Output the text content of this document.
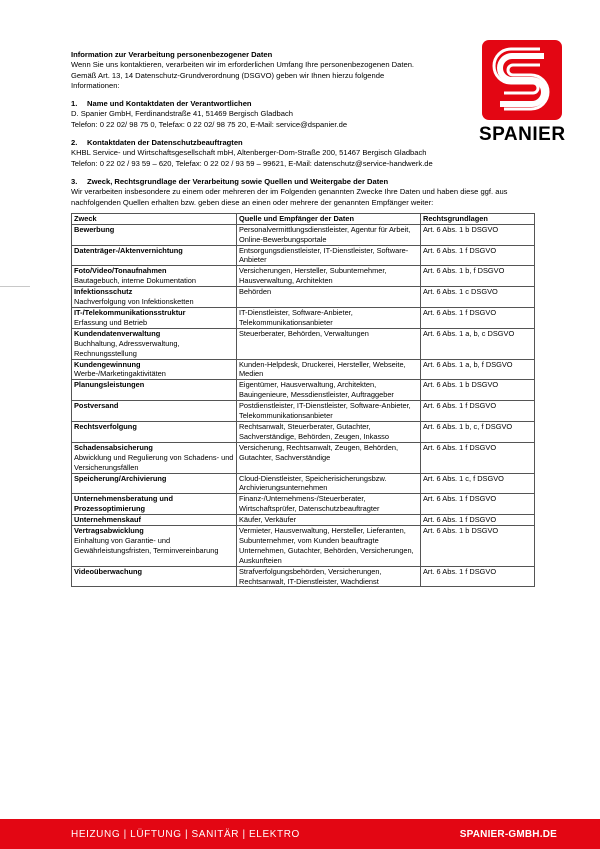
SPANIER
Information zur Verarbeitung personenbezogener Daten
Wenn Sie uns kontaktieren, verarbeiten wir im erforderlichen Umfang Ihre personenbezogenen Daten. Gemäß Art. 13, 14 Datenschutz-Grundverordnung (DSGVO) geben wir Ihnen hierzu folgende Informationen:
1. Name und Kontaktdaten der Verantwortlichen
D. Spanier GmbH, Ferdinandstraße 41, 51469 Bergisch Gladbach
Telefon: 0 22 02/ 98 75 0, Telefax: 0 22 02/ 98 75 20, E-Mail: service@dspanier.de
2. Kontaktdaten der Datenschutzbeauftragten
KHBL Service- und Wirtschaftsgesellschaft mbH, Altenberger-Dom-Straße 200, 51467 Bergisch Gladbach
Telefon: 0 22 02 / 93 59 – 620, Telefax: 0 22 02 / 93 59 – 99621, E-Mail: datenschutz@service-handwerk.de
3. Zweck, Rechtsgrundlage der Verarbeitung sowie Quellen und Weitergabe der Daten
Wir verarbeiten insbesondere zu einem oder mehreren der im Folgenden genannten Zwecke Ihre Daten und haben diese ggf. aus nachfolgenden Quellen erhalten bzw. geben diese an einen oder mehrere der genannten Empfänger weiter:
Zweck	Quelle und Empfänger der Daten	Rechtsgrundlagen

Bewerbung	Personalvermittlungsdienstleister, Agentur für Arbeit, Online-Bewerbungsportale	Art. 6 Abs. 1 b DSGVO

Datenträger-/Aktenvernichtung	Entsorgungsdienstleister, IT-Dienstleister, Software-Anbieter	Art. 6 Abs. 1 f DSGVO

Foto/Video/Tonaufnahmen
Bautagebuch, interne Dokumentation	Versicherungen, Hersteller, Subunternehmer, Hausverwaltung, Architekten	Art. 6 Abs. 1 b, f DSGVO

Infektionsschutz
Nachverfolgung von Infektionsketten	Behörden	Art. 6 Abs. 1 c DSGVO

IT-/Telekommunikationsstruktur
Erfassung und Betrieb	IT-Dienstleister, Software-Anbieter, Telekommunikationsanbieter	Art. 6 Abs. 1 f DSGVO

Kundendatenverwaltung
Buchhaltung, Adressverwaltung, Rechnungsstellung	Steuerberater, Behörden, Verwaltungen	Art. 6 Abs. 1 a, b, c DSGVO

Kundengewinnung
Werbe-/Marketingaktivitäten	Kunden-Helpdesk, Druckerei, Hersteller, Webseite, Medien	Art. 6 Abs. 1 a, b, f DSGVO

Planungsleistungen	Eigentümer, Hausverwaltung, Architekten, Bauingenieure, Messdienstleister, Auftraggeber	Art. 6 Abs. 1 b DSGVO

Postversand	Postdienstleister, IT-Dienstleister, Software-Anbieter, Telekommunikationsanbieter	Art. 6 Abs. 1 f DSGVO

Rechtsverfolgung	Rechtsanwalt, Steuerberater, Gutachter, Sachverständige, Behörden, Zeugen, Inkasso	Art. 6 Abs. 1 b, c, f DSGVO

Schadensabsicherung
Abwicklung und Regulierung von Schadens- und Versicherungsfällen	Versicherung, Rechtsanwalt, Zeugen, Behörden, Gutachter, Sachverständige	Art. 6 Abs. 1 f DSGVO

Speicherung/Archivierung	Cloud-Dienstleister, Speicherisicherungsbzw. Archivierungsunternehmen	Art. 6 Abs. 1 c, f DSGVO

Unternehmensberatung und Prozessoptimierung	Finanz-/Unternehmens-/Steuerberater, Wirtschaftsprüfer, Datenschutzbeauftragter	Art. 6 Abs. 1 f DSGVO

Unternehmenskauf	Käufer, Verkäufer	Art. 6 Abs. 1 f DSGVO

Vertragsabwicklung
Einhaltung von Garantie- und Gewährleistungsfristen, Terminvereinbarung	Vermieter, Hausverwaltung, Hersteller, Lieferanten, Subunternehmer, vom Kunden beauftragte Unternehmen, Gutachter, Behörden, Versicherungen, Auskunfteien	Art. 6 Abs. 1 b DSGVO

Videoüberwachung	Strafverfolgungsbehörden, Versicherungen, Rechtsanwalt, IT-Dienstleister, Wachdienst	Art. 6 Abs. 1 f DSGVO
HEIZUNG | LÜFTUNG | SANITÄR | ELEKTRO	SPANIER-GMBH.DE
